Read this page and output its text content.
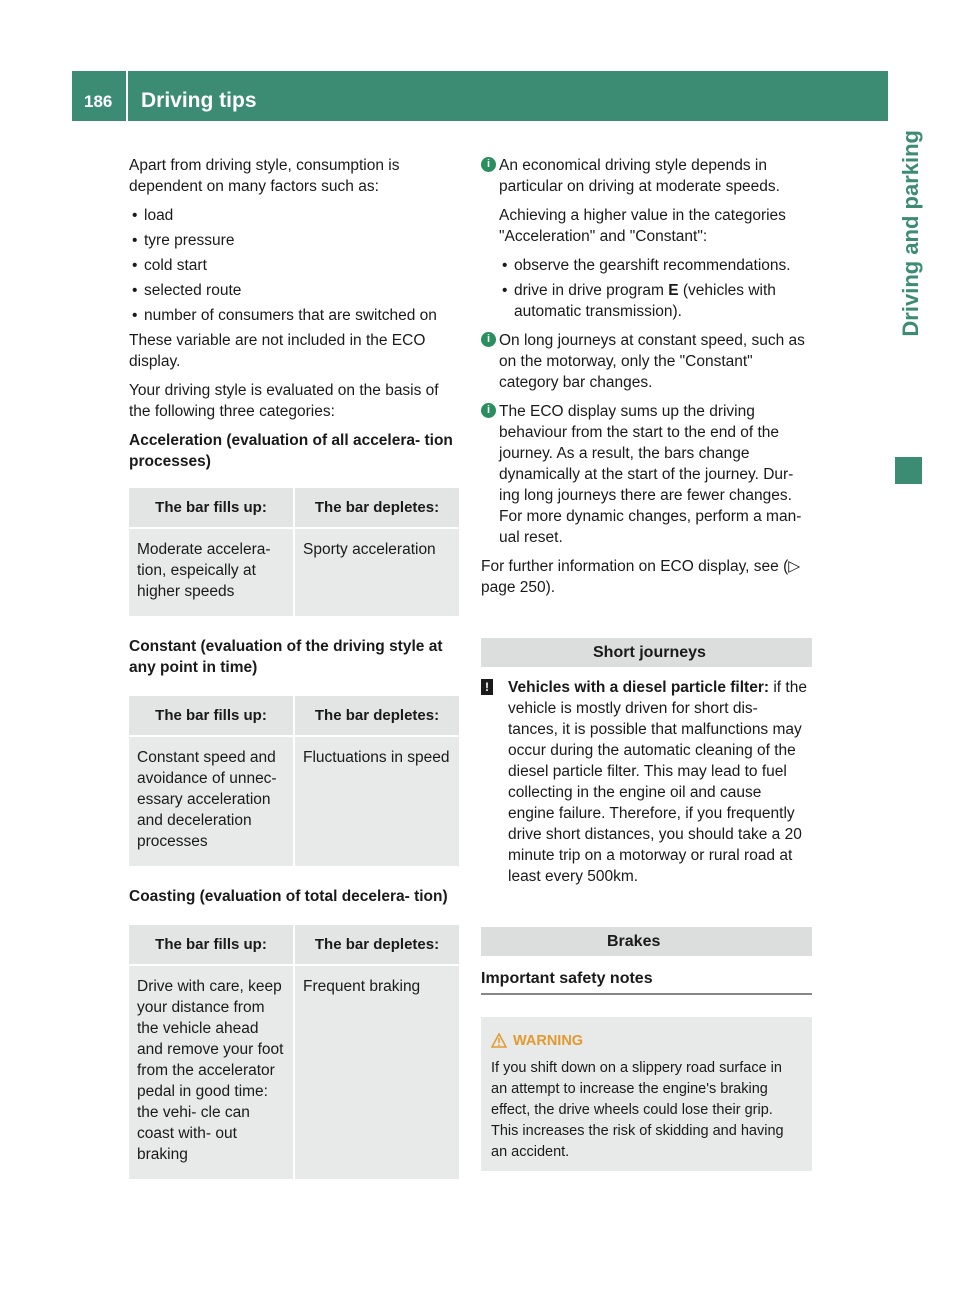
186 Driving tips
Driving and parking

Apart from driving style, consumption is dependent on many factors such as:

• load
• tyre pressure
• cold start
• selected route
• number of consumers that are switched on

These variable are not included in the ECO display.

Your driving style is evaluated on the basis of the following three categories:

Acceleration (evaluation of all accelera- tion processes)

The bar fills up:	The bar depletes:
Moderate accelera- tion, espeically at higher speeds	Sporty acceleration

Constant (evaluation of the driving style at any point in time)

The bar fills up:	The bar depletes:
Constant speed and avoidance of unnec- essary acceleration and deceleration processes	Fluctuations in speed

Coasting (evaluation of total decelera- tion)

The bar fills up:	The bar depletes:
Drive with care, keep your distance from the vehicle ahead and remove your foot from the accelerator pedal in good time: the vehi- cle can coast with- out braking	Frequent braking
i An economical driving style depends in particular on driving at moderate speeds.

Achieving a higher value in the categories "Acceleration" and "Constant":

• observe the gearshift recommendations.
• drive in drive program E (vehicles with automatic transmission).
i On long journeys at constant speed, such as on the motorway, only the "Constant" category bar changes.

i The ECO display sums up the driving behaviour from the start to the end of the journey. As a result, the bars change dynamically at the start of the journey. Dur- ing long journeys there are fewer changes. For more dynamic changes, perform a man- ual reset.

For further information on ECO display, see (▷ page 250).

Short journeys
! Vehicles with a diesel particle filter: if the vehicle is mostly driven for short dis- tances, it is possible that malfunctions may occur during the automatic cleaning of the diesel particle filter. This may lead to fuel collecting in the engine oil and cause engine failure. Therefore, if you frequently drive short distances, you should take a 20 minute trip on a motorway or rural road at least every 500km.

Brakes

Important safety notes

WARNING
If you shift down on a slippery road surface in an attempt to increase the engine's braking effect, the drive wheels could lose their grip. This increases the risk of skidding and having an accident.
